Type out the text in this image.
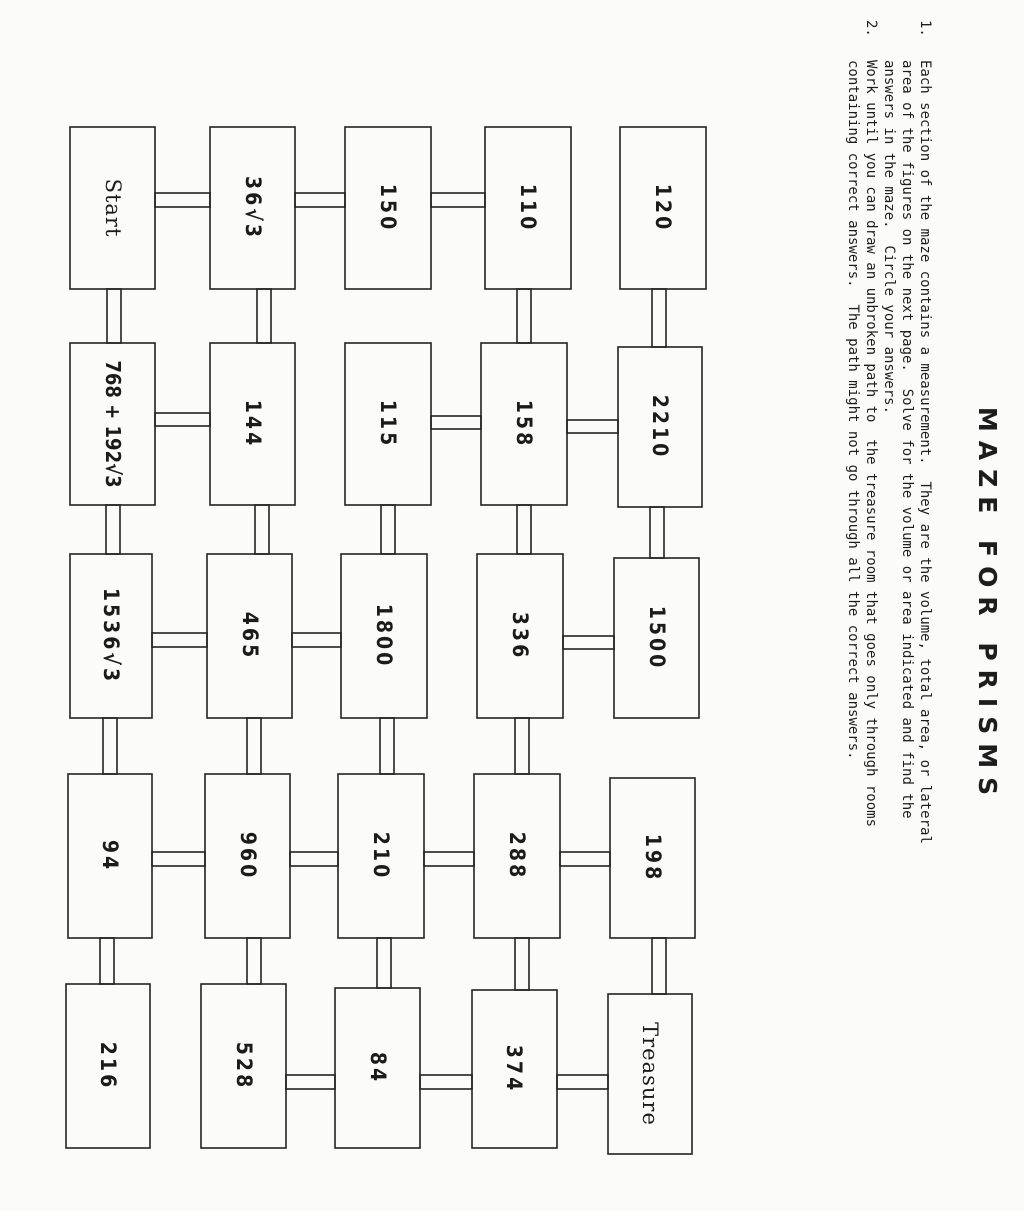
MAZE FOR PRISMS
1.
Each section of the maze contains a measurement.  They are the volume, total area, or lateral
area of the figures on the next page.  Solve for the volume or area indicated and find the
answers in the maze.  Circle your answers.
2.
Work until you can draw an unbroken path to  the treasure room that goes only through rooms
containing correct answers.  The path might not go through all the correct answers.
Start
768 + 192√3
1536√3
94
216
36√3
144
465
960
528
150
115
1800
210
84
110
158
336
288
374
120
2210
1500
198
Treasure
